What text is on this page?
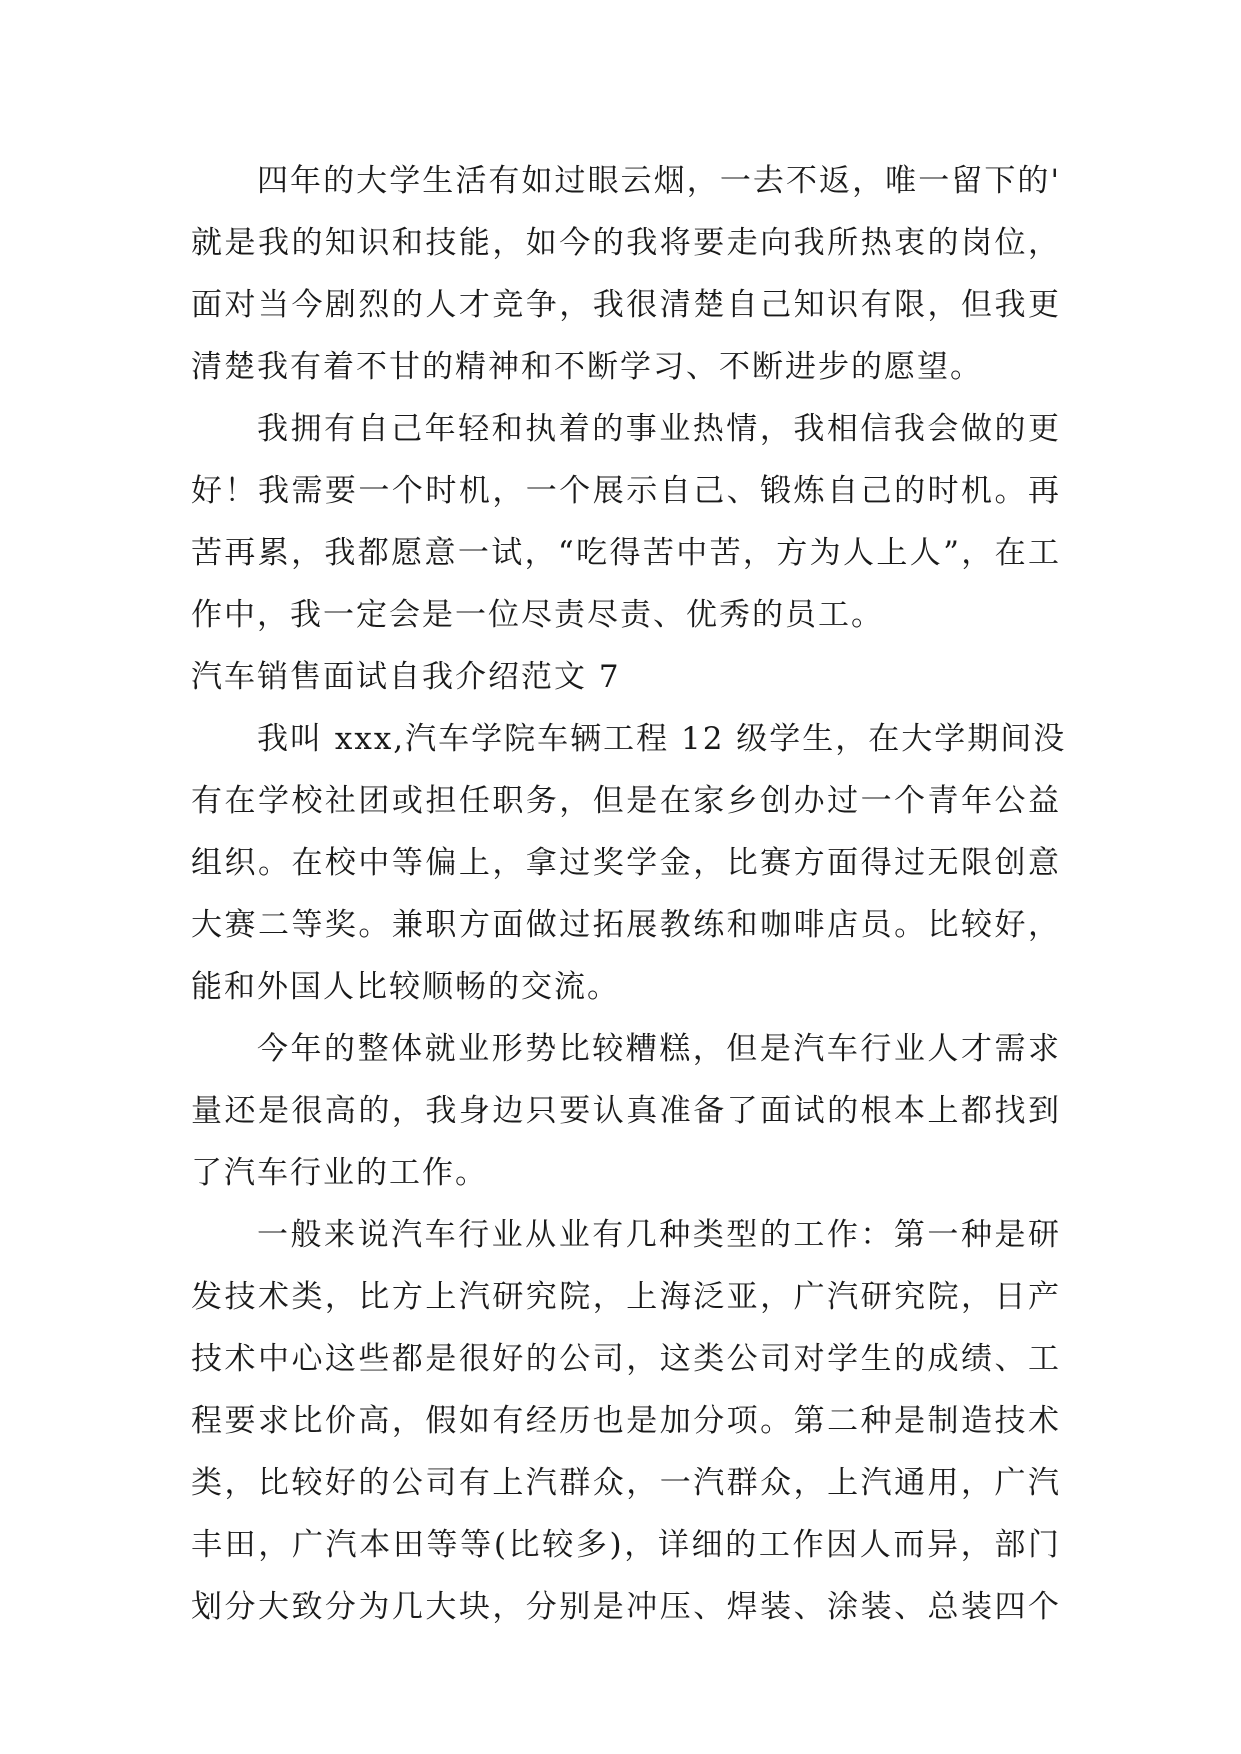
四年的大学生活有如过眼云烟，一去不返，唯一留下的'
就是我的知识和技能，如今的我将要走向我所热衷的岗位，
面对当今剧烈的人才竞争，我很清楚自己知识有限，但我更
清楚我有着不甘的精神和不断学习、不断进步的愿望。
我拥有自己年轻和执着的事业热情，我相信我会做的更
好！我需要一个时机，一个展示自己、锻炼自己的时机。再
苦再累，我都愿意一试，“吃得苦中苦，方为人上人”，在工
作中，我一定会是一位尽责尽责、优秀的员工。
汽车销售面试自我介绍范文 7
我叫 xxx,汽车学院车辆工程 12 级学生，在大学期间没
有在学校社团或担任职务，但是在家乡创办过一个青年公益
组织。在校中等偏上，拿过奖学金，比赛方面得过无限创意
大赛二等奖。兼职方面做过拓展教练和咖啡店员。比较好，
能和外国人比较顺畅的交流。
今年的整体就业形势比较糟糕，但是汽车行业人才需求
量还是很高的，我身边只要认真准备了面试的根本上都找到
了汽车行业的工作。
一般来说汽车行业从业有几种类型的工作：第一种是研
发技术类，比方上汽研究院，上海泛亚，广汽研究院，日产
技术中心这些都是很好的公司，这类公司对学生的成绩、工
程要求比价高，假如有经历也是加分项。第二种是制造技术
类，比较好的公司有上汽群众，一汽群众，上汽通用，广汽
丰田，广汽本田等等(比较多)，详细的工作因人而异，部门
划分大致分为几大块，分别是冲压、焊装、涂装、总装四个
